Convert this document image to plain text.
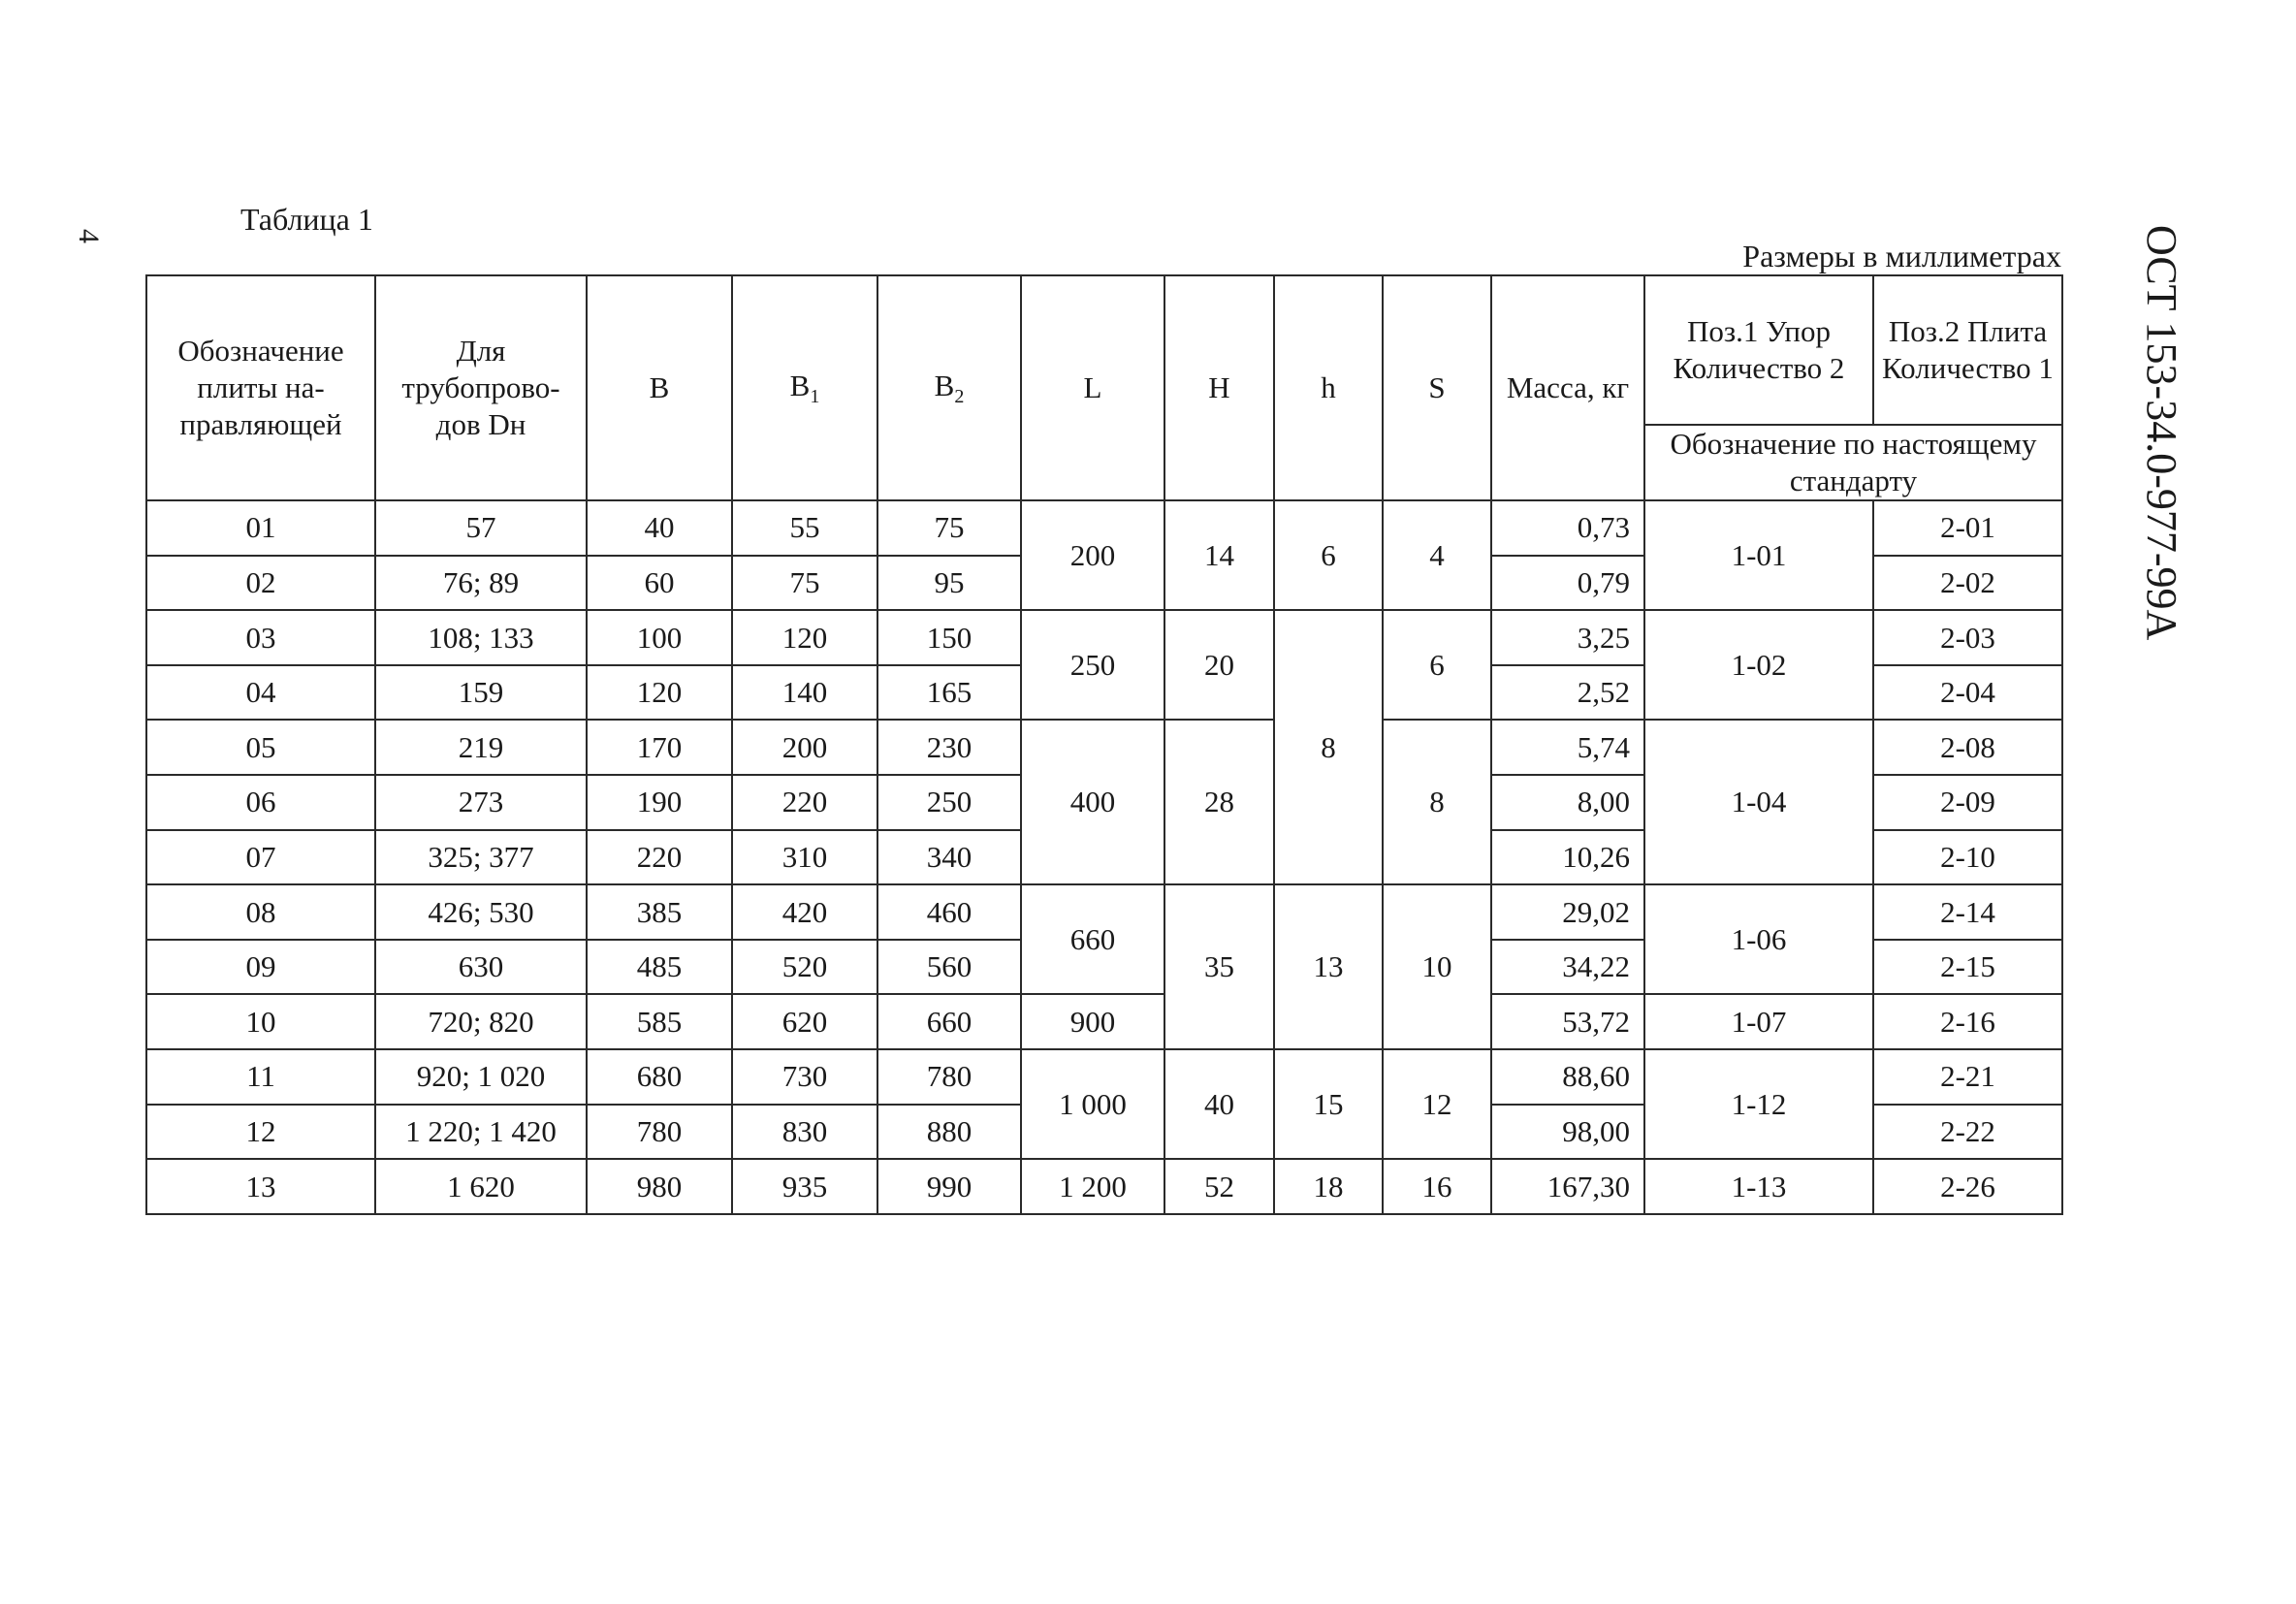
4	Таблица 1
Размеры в миллиметрах ОСТ 153-34.0-977-99А
Обозначение плиты на-правляющей	Для трубопрово-дов Dн	B	$B_1$	$B_2$	L	H	h	S	Масса, кг	Поз.1 Упор Количество 2	Поз.2 Плита Количество 1
										Обозначение по настоящему стандарту	
01	57	40	55	75	200	14	6	4	0,73	1-01	2-01
02	76; 89	60	75	95					0,79		2-02
03	108; 133	100	120	150	250	20	8	6	3,25	1-02	2-03
04	159	120	140	165					2,52		2-04
05	219	170	200	230	400	28		8	5,74	1-04	2-08
06	273	190	220	250					8,00		2-09
07	325; 377	220	310	340					10,26		2-10
08	426; 530	385	420	460	660	35	13	10	29,02	1-06	2-14
09	630	485	520	560					34,22		2-15
10	720; 820	585	620	660	900				53,72	1-07	2-16
11	920; 1 020	680	730	780	1 000	40	15	12	88,60	1-12	2-21
12	1 220; 1 420	780	830	880					98,00		2-22
13	1 620	980	935	990	1 200	52	18	16	167,30	1-13	2-26
